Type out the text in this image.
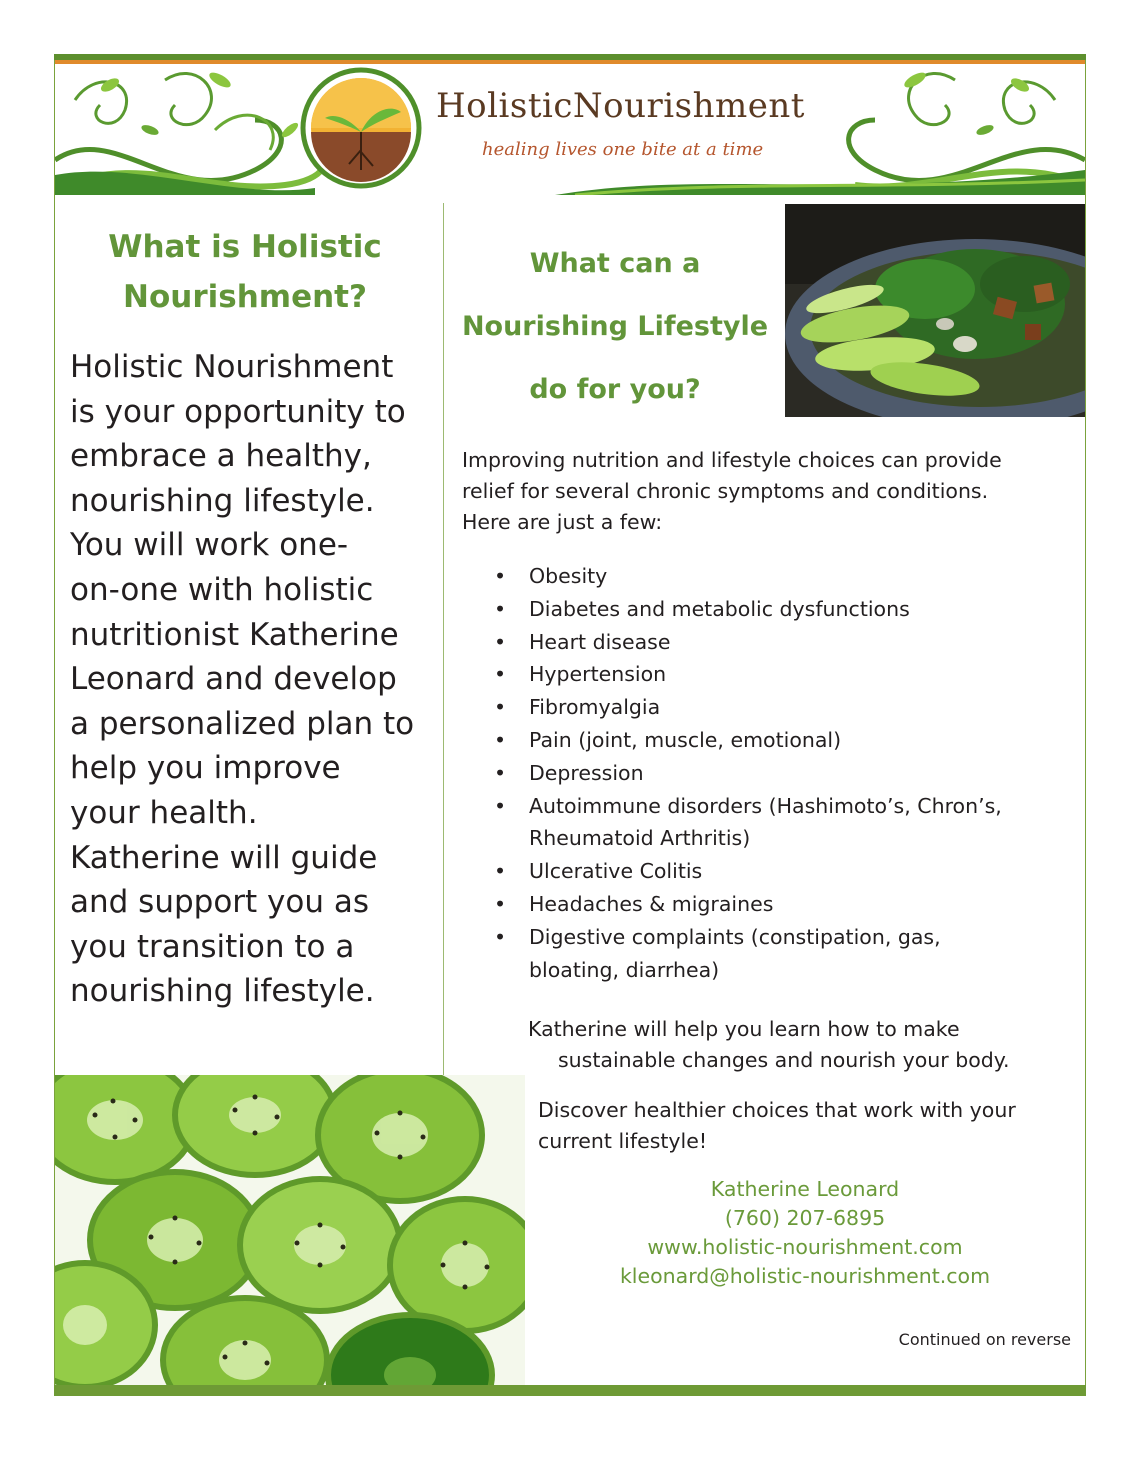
HolisticNourishment
healing lives one bite at a time
What is Holistic
Nourishment?
Holistic Nourishment
is your opportunity to
embrace a healthy,
nourishing lifestyle.
You will work one-
on-one with holistic
nutritionist Katherine
Leonard and develop
a personalized plan to
help you improve
your health.
Katherine will guide
and support you as
you transition to a
nourishing lifestyle.
What can a
Nourishing Lifestyle
do for you?
Improving nutrition and lifestyle choices can provide
relief for several chronic symptoms and conditions.
Here are just a few:
• Obesity
• Diabetes and metabolic dysfunctions
• Heart disease
• Hypertension
• Fibromyalgia
• Pain (joint, muscle, emotional)
• Depression
• Autoimmune disorders (Hashimoto’s, Chron’s,
Rheumatoid Arthritis)
• Ulcerative Colitis
• Headaches & migraines
• Digestive complaints (constipation, gas,
bloating, diarrhea)
Katherine will help you learn how to make
sustainable changes and nourish your body.
Discover healthier choices that work with your
current lifestyle!
Katherine Leonard
(760) 207-6895
www.holistic-nourishment.com
kleonard@holistic-nourishment.com
Continued on reverse
